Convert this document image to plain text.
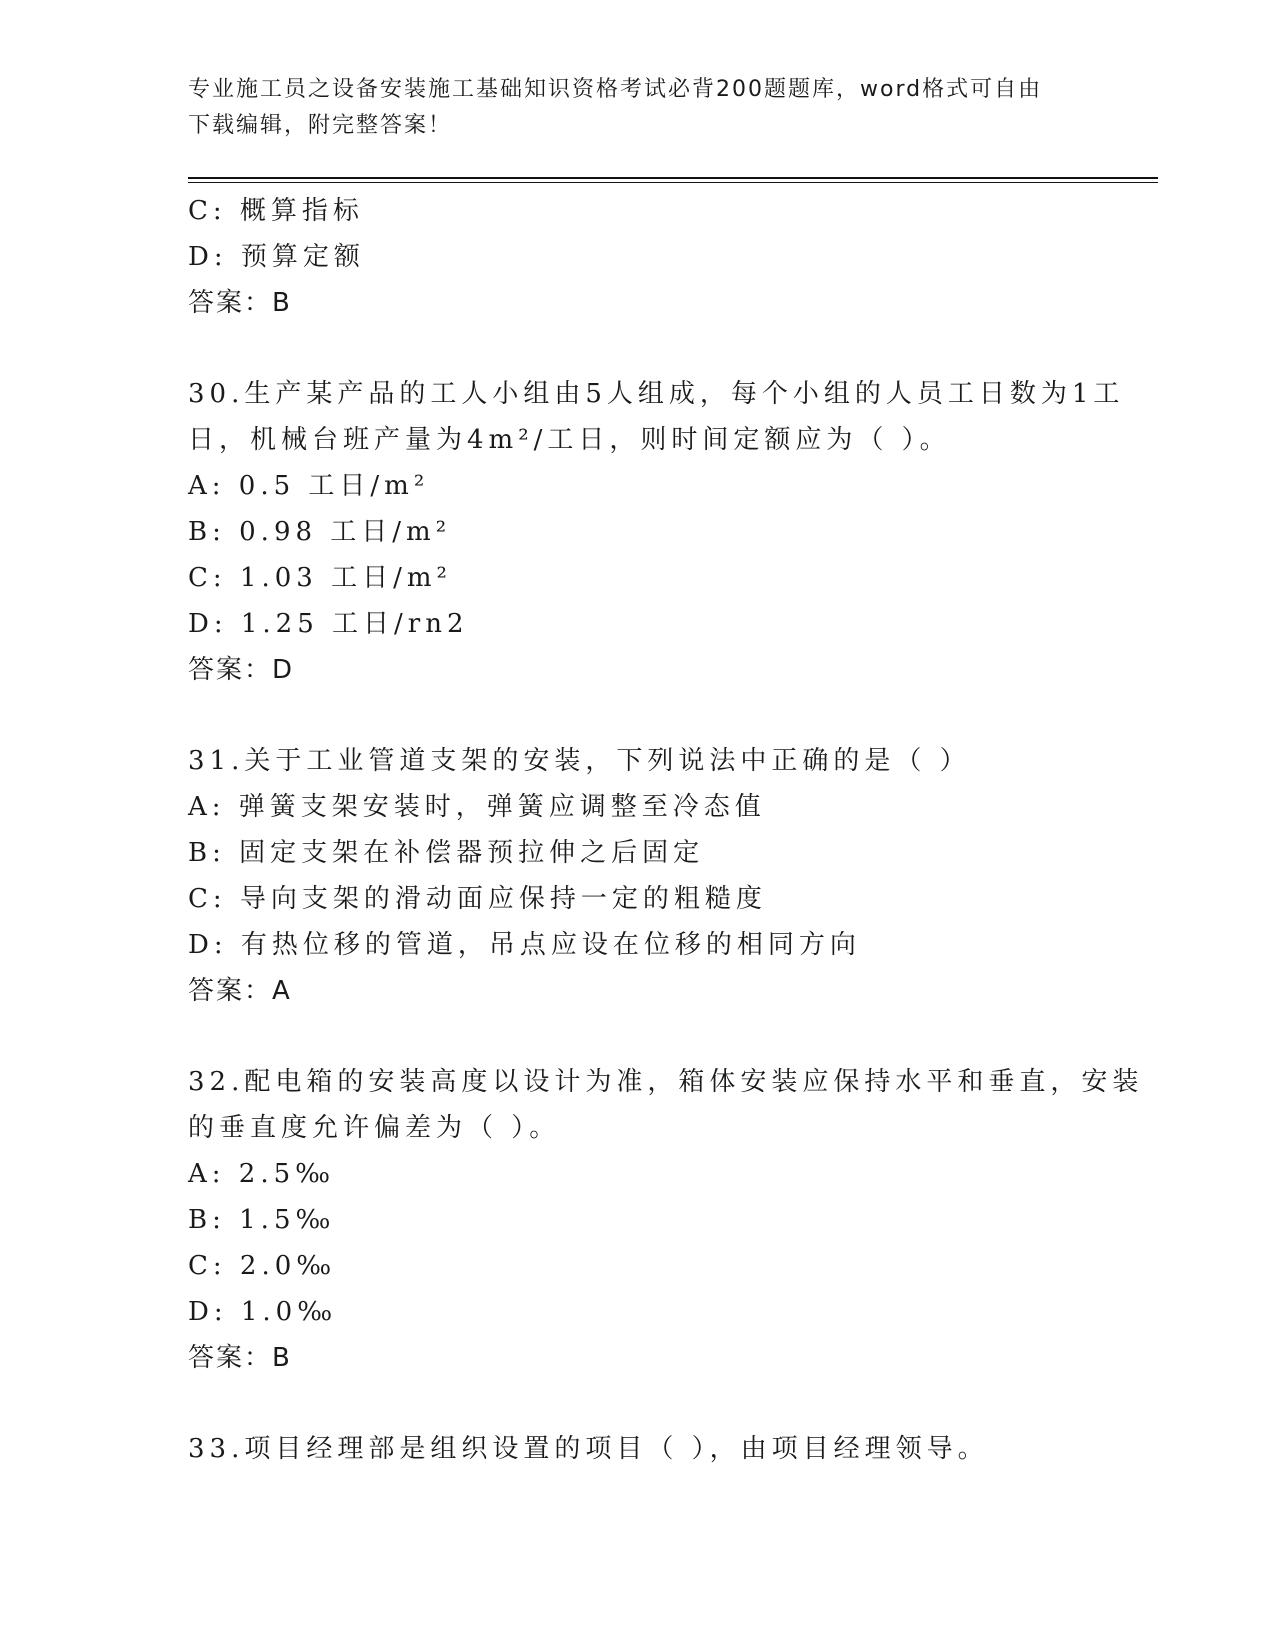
专业施工员之设备安装施工基础知识资格考试必背200题题库，word格式可自由
下载编辑，附完整答案！
C: 概算指标
D: 预算定额
答案：B
30.生产某产品的工人小组由5人组成，每个小组的人员工日数为1工
日，机械台班产量为4m²/工日，则时间定额应为（ ）。
A: 0.5 工日/m²
B: 0.98 工日/m²
C: 1.03 工日/m²
D: 1.25 工日/rn2
答案：D
31.关于工业管道支架的安装，下列说法中正确的是（ ）
A: 弹簧支架安装时，弹簧应调整至冷态值
B: 固定支架在补偿器预拉伸之后固定
C: 导向支架的滑动面应保持一定的粗糙度
D: 有热位移的管道，吊点应设在位移的相同方向
答案：A
32.配电箱的安装高度以设计为准，箱体安装应保持水平和垂直，安装
的垂直度允许偏差为（ ）。
A: 2.5‰
B: 1.5‰
C: 2.0‰
D: 1.0‰
答案：B
33.项目经理部是组织设置的项目（ ），由项目经理领导。
